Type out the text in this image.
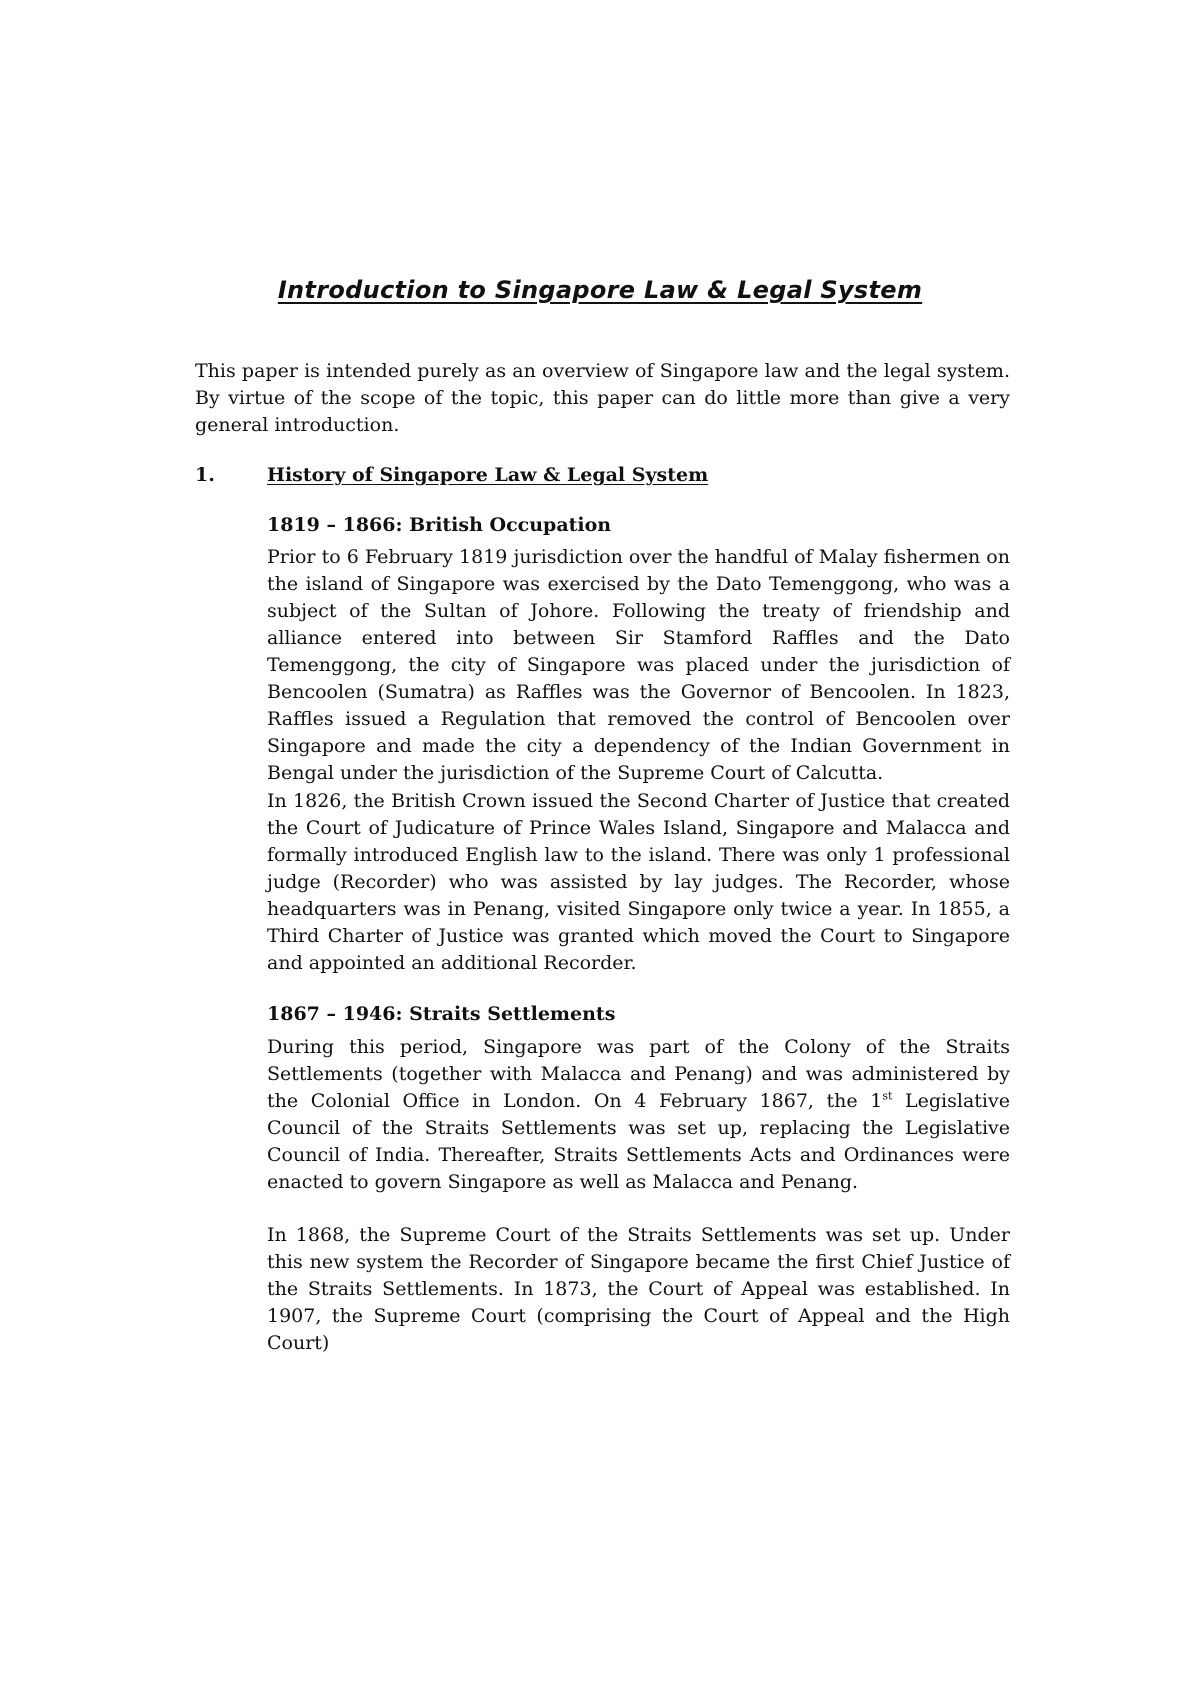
Introduction to Singapore Law & Legal System

This paper is intended purely as an overview of Singapore law and the legal system. By virtue of the scope of the topic, this paper can do little more than give a very general introduction.

1.	History of Singapore Law & Legal System
1819 – 1866: British Occupation

Prior to 6 February 1819 jurisdiction over the handful of Malay fishermen on the island of Singapore was exercised by the Dato Temenggong, who was a subject of the Sultan of Johore. Following the treaty of friendship and alliance entered into between Sir Stamford Raffles and the Dato Temenggong, the city of Singapore was placed under the jurisdiction of Bencoolen (Sumatra) as Raffles was the Governor of Bencoolen. In 1823, Raffles issued a Regulation that removed the control of Bencoolen over Singapore and made the city a dependency of the Indian Government in Bengal under the jurisdiction of the Supreme Court of Calcutta.

In 1826, the British Crown issued the Second Charter of Justice that created the Court of Judicature of Prince Wales Island, Singapore and Malacca and formally introduced English law to the island. There was only 1 professional judge (Recorder) who was assisted by lay judges. The Recorder, whose headquarters was in Penang, visited Singapore only twice a year. In 1855, a Third Charter of Justice was granted which moved the Court to Singapore and appointed an additional Recorder.

1867 – 1946: Straits Settlements

During this period, Singapore was part of the Colony of the Straits Settlements (together with Malacca and Penang) and was administered by the Colonial Office in London. On 4 February 1867, the 1st Legislative Council of the Straits Settlements was set up, replacing the Legislative Council of India. Thereafter, Straits Settlements Acts and Ordinances were enacted to govern Singapore as well as Malacca and Penang.

In 1868, the Supreme Court of the Straits Settlements was set up. Under this new system the Recorder of Singapore became the first Chief Justice of the Straits Settlements. In 1873, the Court of Appeal was established. In 1907, the Supreme Court (comprising the Court of Appeal and the High Court)
